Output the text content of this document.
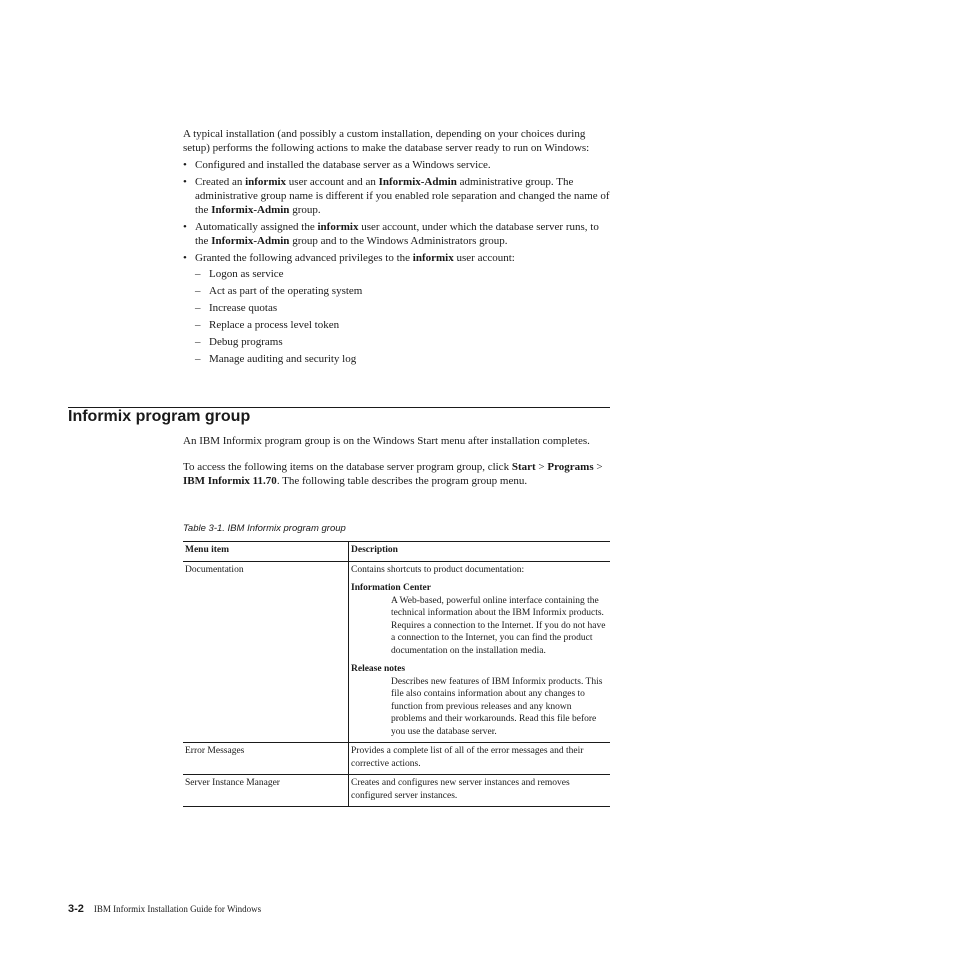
A typical installation (and possibly a custom installation, depending on your choices during setup) performs the following actions to make the database server ready to run on Windows:

• Configured and installed the database server as a Windows service.
• Created an informix user account and an Informix-Admin administrative group. The administrative group name is different if you enabled role separation and changed the name of the Informix-Admin group.
• Automatically assigned the informix user account, under which the database server runs, to the Informix-Admin group and to the Windows Administrators group.
• Granted the following advanced privileges to the informix user account:
– Logon as service
– Act as part of the operating system
– Increase quotas
– Replace a process level token
– Debug programs
– Manage auditing and security log
Informix program group

An IBM Informix program group is on the Windows Start menu after installation completes.

To access the following items on the database server program group, click Start > Programs > IBM Informix 11.70. The following table describes the program group menu.

Table 3-1. IBM Informix program group
Menu item	Description
Documentation	Contains shortcuts to product documentation:
Information Center
A Web-based, powerful online interface containing the technical information about the IBM Informix products. Requires a connection to the Internet. If you do not have a connection to the Internet, you can find the product documentation on the installation media.
Release notes
Describes new features of IBM Informix products. This file also contains information about any changes to function from previous releases and any known problems and their workarounds. Read this file before you use the database server.

Error Messages	Provides a complete list of all of the error messages and their corrective actions.
Server Instance Manager	Creates and configures new server instances and removes configured server instances.
3-2 IBM Informix Installation Guide for Windows
